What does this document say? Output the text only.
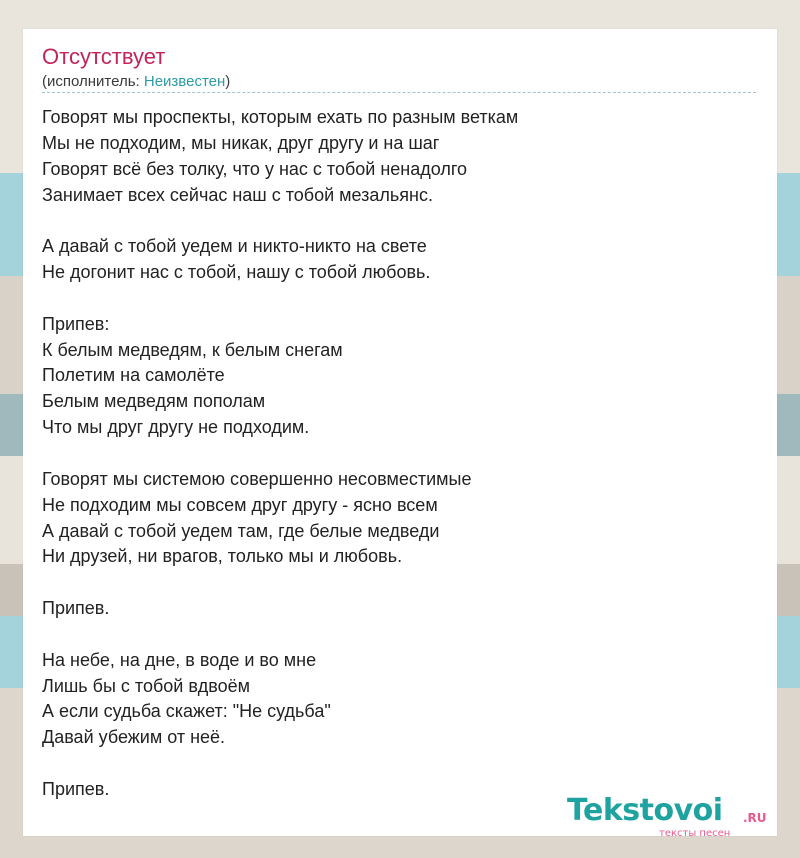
Отсутствует
(исполнитель: Неизвестен)
Говорят мы проспекты, которым ехать по разным веткам
Мы не подходим, мы никак, друг другу и на шаг
Говорят всё без толку, что у нас с тобой ненадолго
Занимает всех сейчас наш с тобой мезальянс.
А давай с тобой уедем и никто-никто на свете
Не догонит нас с тобой, нашу с тобой любовь.
Припев:
К белым медведям, к белым снегам
Полетим на самолёте
Белым медведям пополам
Что мы друг другу не подходим.
Говорят мы системою совершенно несовместимые
Не подходим мы совсем друг другу - ясно всем
А давай с тобой уедем там, где белые медведи
Ни друзей, ни врагов, только мы и любовь.
Припев.
На небе, на дне, в воде и во мне
Лишь бы с тобой вдвоём
А если судьба скажет: "Не судьба"
Давай убежим от неё.
Припев.
Tekstovoi .RU
тексты песен
